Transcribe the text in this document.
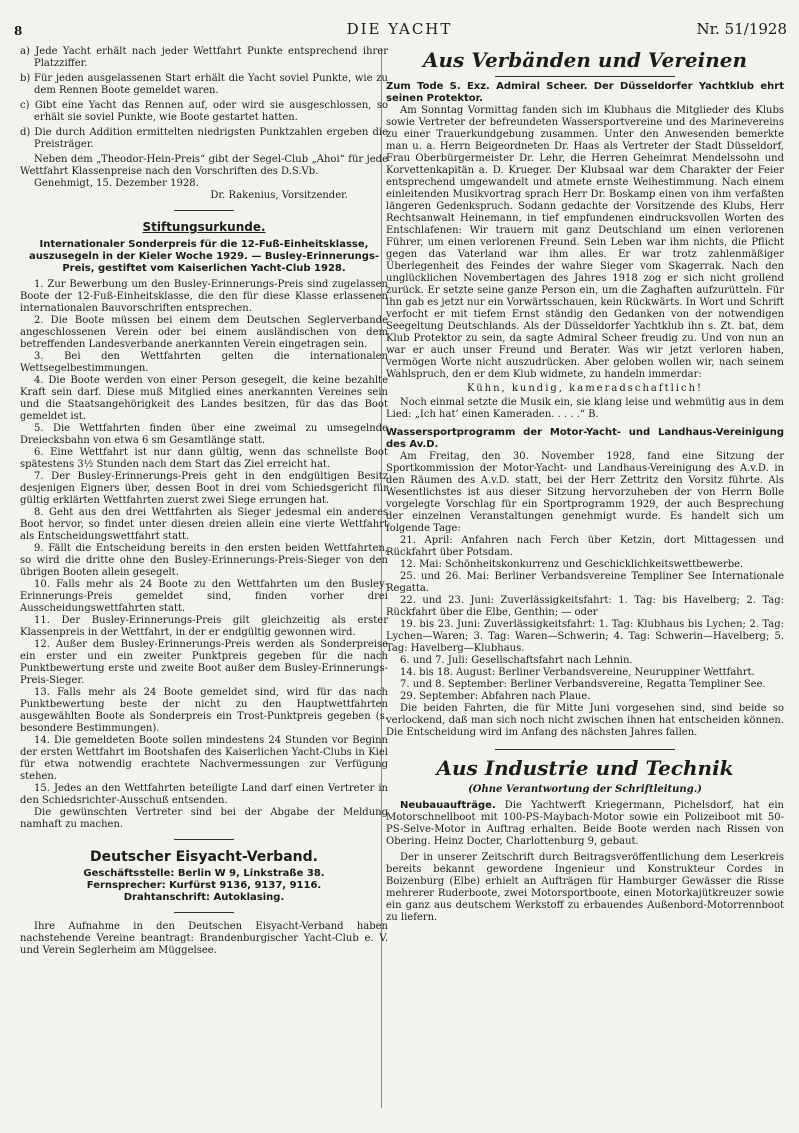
8	DIE YACHT	Nr. 51/1928

a) Jede Yacht erhält nach jeder Wettfahrt Punkte entsprechend ihrer Platzziffer.

b) Für jeden ausgelassenen Start erhält die Yacht soviel Punkte, wie zu dem Rennen Boote gemeldet waren.

c) Gibt eine Yacht das Rennen auf, oder wird sie ausgeschlossen, so erhält sie soviel Punkte, wie Boote gestartet hatten.

d) Die durch Addition ermittelten niedrigsten Punktzahlen ergeben die Preisträger.

Neben dem „Theodor-Hein-Preis“ gibt der Segel-Club „Ahoi“ für jede Wettfahrt Klassenpreise nach den Vorschriften des D.S.Vb.

Genehmigt, 15. Dezember 1928.

Dr. Rakenius, Vorsitzender.

Stiftungsurkunde.

Internationaler Sonderpreis für die 12-Fuß-Einheitsklasse, auszusegeln in der Kieler Woche 1929. — Busley-Erinnerungs-Preis, gestiftet vom Kaiserlichen Yacht-Club 1928.

1. Zur Bewerbung um den Busley-Erinnerungs-Preis sind zugelassen Boote der 12-Fuß-Einheitsklasse, die den für diese Klasse erlassenen internationalen Bauvorschriften entsprechen.

2. Die Boote müssen bei einem dem Deutschen Seglerverbande angeschlossenen Verein oder bei einem ausländischen von dem betreffenden Landesverbande anerkannten Verein eingetragen sein.

3. Bei den Wettfahrten gelten die internationalen Wettsegelbestimmungen.

4. Die Boote werden von einer Person gesegelt, die keine bezahlte Kraft sein darf. Diese muß Mitglied eines anerkannten Vereines sein und die Staatsangehörigkeit des Landes besitzen, für das das Boot gemeldet ist.

5. Die Wettfahrten finden über eine zweimal zu umsegelnde Dreiecksbahn von etwa 6 sm Gesamtlänge statt.

6. Eine Wettfahrt ist nur dann gültig, wenn das schnellste Boot spätestens 3½ Stunden nach dem Start das Ziel erreicht hat.

7. Der Busley-Erinnerungs-Preis geht in den endgültigen Besitz desjenigen Eigners über, dessen Boot in drei vom Schiedsgericht für gültig erklärten Wettfahrten zuerst zwei Siege errungen hat.

8. Geht aus den drei Wettfahrten als Sieger jedesmal ein anderes Boot hervor, so findet unter diesen dreien allein eine vierte Wettfahrt als Entscheidungswettfahrt statt.

9. Fällt die Entscheidung bereits in den ersten beiden Wettfahrten, so wird die dritte ohne den Busley-Erinnerungs-Preis-Sieger von den übrigen Booten allein gesegelt.

10. Falls mehr als 24 Boote zu den Wettfahrten um den Busley-Erinnerungs-Preis gemeldet sind, finden vorher drei Ausscheidungswettfahrten statt.

11. Der Busley-Erinnerungs-Preis gilt gleichzeitig als erster Klassenpreis in der Wettfahrt, in der er endgültig gewonnen wird.

12. Außer dem Busley-Erinnerungs-Preis werden als Sonderpreise ein erster und ein zweiter Punktpreis gegeben für die nach Punktbewertung erste und zweite Boot außer dem Busley-Erinnerungs-Preis-Sieger.

13. Falls mehr als 24 Boote gemeldet sind, wird für das nach Punktbewertung beste der nicht zu den Hauptwettfahrten ausgewählten Boote als Sonderpreis ein Trost-Punktpreis gegeben (s. besondere Bestimmungen).

14. Die gemeldeten Boote sollen mindestens 24 Stunden vor Beginn der ersten Wettfahrt im Bootshafen des Kaiserlichen Yacht-Clubs in Kiel für etwa notwendig erachtete Nachvermessungen zur Verfügung stehen.

15. Jedes an den Wettfahrten beteiligte Land darf einen Vertreter in den Schiedsrichter-Ausschuß entsenden.

Die gewünschten Vertreter sind bei der Abgabe der Meldung namhaft zu machen.

Deutscher Eisyacht-Verband.

Geschäftsstelle: Berlin W 9, Linkstraße 38.

Fernsprecher: Kurfürst 9136, 9137, 9116.

Drahtanschrift: Autoklasing.

Ihre Aufnahme in den Deutschen Eisyacht-Verband haben nachstehende Vereine beantragt: Brandenburgischer Yacht-Club e. V. und Verein Seglerheim am Müggelsee.

Aus Verbänden und Vereinen

Zum Tode S. Exz. Admiral Scheer. Der Düsseldorfer Yachtklub ehrt seinen Protektor.

Am Sonntag Vormittag fanden sich im Klubhaus die Mitglieder des Klubs sowie Vertreter der befreundeten Wassersportvereine und des Marinevereins zu einer Trauerkundgebung zusammen. Unter den Anwesenden bemerkte man u. a. Herrn Beigeordneten Dr. Haas als Vertreter der Stadt Düsseldorf, Frau Oberbürgermeister Dr. Lehr, die Herren Geheimrat Mendelssohn und Korvettenkapitän a. D. Krueger. Der Klubsaal war dem Charakter der Feier entsprechend umgewandelt und atmete ernste Weihestimmung. Nach einem einleitenden Musikvortrag sprach Herr Dr. Boskamp einen von ihm verfaßten längeren Gedenkspruch. Sodann gedachte der Vorsitzende des Klubs, Herr Rechtsanwalt Heinemann, in tief empfundenen eindrucksvollen Worten des Entschlafenen: Wir trauern mit ganz Deutschland um einen verlorenen Führer, um einen verlorenen Freund. Sein Leben war ihm nichts, die Pflicht gegen das Vaterland war ihm alles. Er war trotz zahlenmäßiger Überlegenheit des Feindes der wahre Sieger vom Skagerrak. Nach den unglücklichen Novembertagen des Jahres 1918 zog er sich nicht grollend zurück. Er setzte seine ganze Person ein, um die Zaghaften aufzurütteln. Für ihn gab es jetzt nur ein Vorwärtsschauen, kein Rückwärts. In Wort und Schrift verfocht er mit tiefem Ernst ständig den Gedanken von der notwendigen Seegeltung Deutschlands. Als der Düsseldorfer Yachtklub ihn s. Zt. bat, dem Klub Protektor zu sein, da sagte Admiral Scheer freudig zu. Und von nun an war er auch unser Freund und Berater. Was wir jetzt verloren haben, vermögen Worte nicht auszudrücken. Aber geloben wollen wir, nach seinem Wahlspruch, den er dem Klub widmete, zu handeln immerdar:

Kühn, kundig, kameradschaftlich!

Noch einmal setzte die Musik ein, sie klang leise und wehmütig aus in dem Lied: „Ich hat’ einen Kameraden. . . . .“ B.

Wassersportprogramm der Motor-Yacht- und Landhaus-Vereinigung des Av.D.

Am Freitag, den 30. November 1928, fand eine Sitzung der Sportkommission der Motor-Yacht- und Landhaus-Vereinigung des A.v.D. in den Räumen des A.v.D. statt, bei der Herr Zettritz den Vorsitz führte. Als Wesentlichstes ist aus dieser Sitzung hervorzuheben der von Herrn Bolle vorgelegte Vorschlag für ein Sportprogramm 1929, der auch Besprechung der einzelnen Veranstaltungen genehmigt wurde. Es handelt sich um folgende Tage:

21. April: Anfahren nach Ferch über Ketzin, dort Mittagessen und Rückfahrt über Potsdam.

12. Mai: Schönheitskonkurrenz und Geschicklichkeitswettbewerbe.

25. und 26. Mai: Berliner Verbandsvereine Templiner See Internationale Regatta.

22. und 23. Juni: Zuverlässigkeitsfahrt: 1. Tag: bis Havelberg; 2. Tag: Rückfahrt über die Elbe, Genthin; — oder

19. bis 23. Juni: Zuverlässigkeitsfahrt: 1. Tag: Klubhaus bis Lychen; 2. Tag: Lychen—Waren; 3. Tag: Waren—Schwerin; 4. Tag: Schwerin—Havelberg; 5. Tag: Havelberg—Klubhaus.

6. und 7. Juli: Gesellschaftsfahrt nach Lehnin.

14. bis 18. August: Berliner Verbandsvereine, Neuruppiner Wettfahrt.

7. und 8. September: Berliner Verbandsvereine, Regatta Templiner See.

29. September: Abfahren nach Plaue.

Die beiden Fahrten, die für Mitte Juni vorgesehen sind, sind beide so verlockend, daß man sich noch nicht zwischen ihnen hat entscheiden können. Die Entscheidung wird im Anfang des nächsten Jahres fallen.

Aus Industrie und Technik

(Ohne Verantwortung der Schriftleitung.)

Neubauaufträge. Die Yachtwerft Kriegermann, Pichelsdorf, hat ein Motorschnellboot mit 100-PS-Maybach-Motor sowie ein Polizeiboot mit 50-PS-Selve-Motor in Auftrag erhalten. Beide Boote werden nach Rissen von Obering. Heinz Docter, Charlottenburg 9, gebaut.

Der in unserer Zeitschrift durch Beitragsveröffentlichung dem Leserkreis bereits bekannt gewordene Ingenieur und Konstrukteur Cordes in Boizenburg (Elbe) erhielt an Aufträgen für Hamburger Gewässer die Risse mehrerer Ruderboote, zwei Motorsportboote, einen Motorkajütkreuzer sowie ein ganz aus deutschem Werkstoff zu erbauendes Außenbord-Motorrennboot zu liefern.
